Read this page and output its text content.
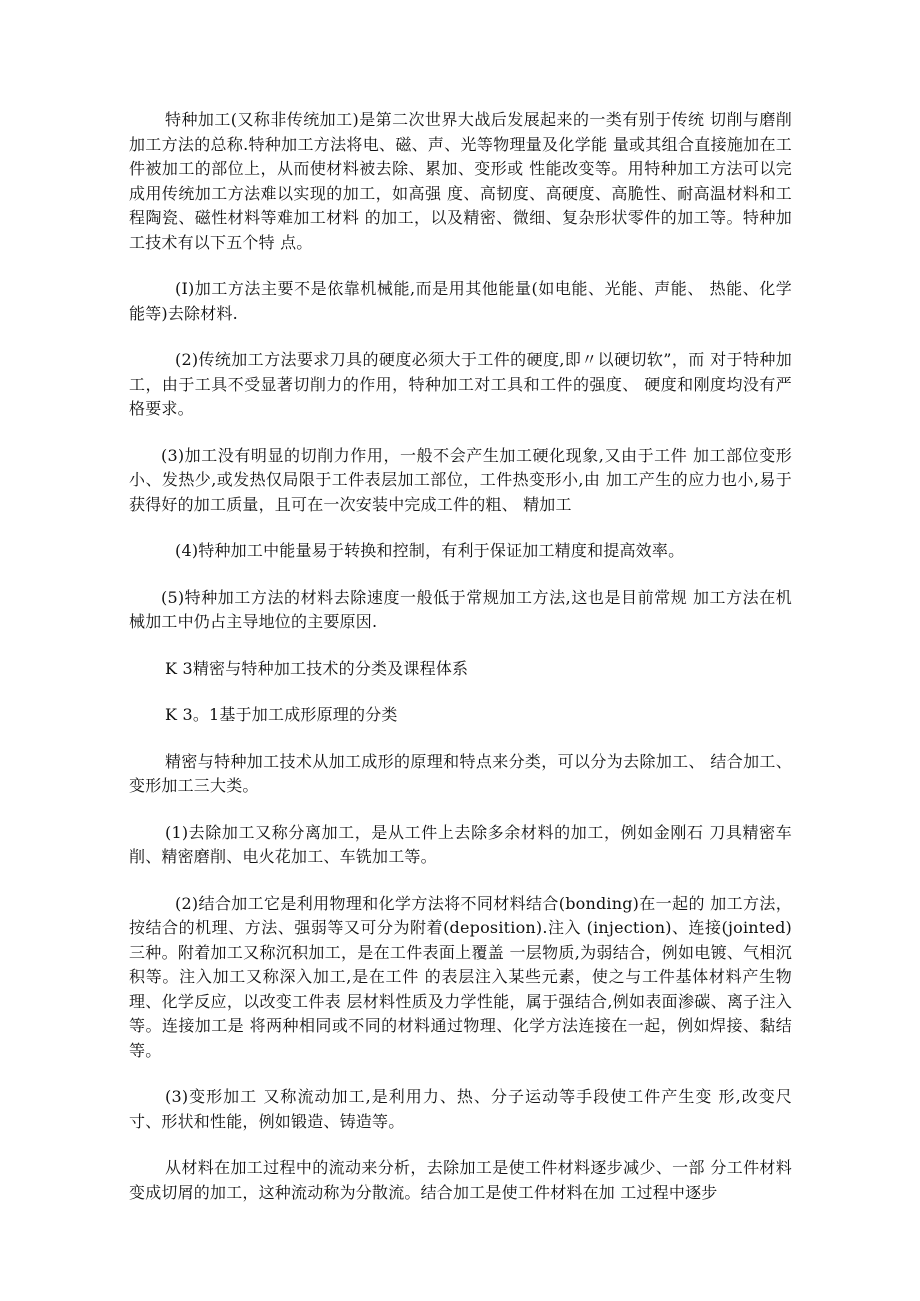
特种加工(又称非传统加工)是第二次世界大战后发展起来的一类有别于传统 切削与磨削加工方法的总称.特种加工方法将电、磁、声、光等物理量及化学能 量或其组合直接施加在工件被加工的部位上，从而使材料被去除、累加、变形或 性能改变等。用特种加工方法可以完成用传统加工方法难以实现的加工，如高强 度、高韧度、高硬度、高脆性、耐高温材料和工程陶瓷、磁性材料等难加工材料 的加工，以及精密、微细、复杂形状零件的加工等。特种加工技术有以下五个特 点。

(I)加工方法主要不是依靠机械能,而是用其他能量(如电能、光能、声能、 热能、化学能等)去除材料.

(2)传统加工方法要求刀具的硬度必须大于工件的硬度,即〃以硬切软”，而 对于特种加工，由于工具不受显著切削力的作用，特种加工对工具和工件的强度、 硬度和刚度均没有严格要求。

(3)加工没有明显的切削力作用，一般不会产生加工硬化现象,又由于工件 加工部位变形小、发热少,或发热仅局限于工件表层加工部位，工件热变形小,由 加工产生的应力也小,易于获得好的加工质量，且可在一次安装中完成工件的粗、 精加工

(4)特种加工中能量易于转换和控制，有利于保证加工精度和提高效率。

(5)特种加工方法的材料去除速度一般低于常规加工方法,这也是目前常规 加工方法在机械加工中仍占主导地位的主要原因.

K 3精密与特种加工技术的分类及课程体系

K 3。1基于加工成形原理的分类

精密与特种加工技术从加工成形的原理和特点来分类，可以分为去除加工、 结合加工、变形加工三大类。

(1)去除加工又称分离加工，是从工件上去除多余材料的加工，例如金刚石 刀具精密车削、精密磨削、电火花加工、车铣加工等。

(2)结合加工它是利用物理和化学方法将不同材料结合(bonding)在一起的 加工方法，按结合的机理、方法、强弱等又可分为附着(deposition).注入 (injection)、连接(jointed)三种。附着加工又称沉积加工，是在工件表面上覆盖 一层物质,为弱结合，例如电镀、气相沉积等。注入加工又称深入加工,是在工件 的表层注入某些元素，使之与工件基体材料产生物理、化学反应，以改变工件表 层材料性质及力学性能，属于强结合,例如表面渗碳、离子注入等。连接加工是 将两种相同或不同的材料通过物理、化学方法连接在一起，例如焊接、黏结等。

(3)变形加工 又称流动加工,是利用力、热、分子运动等手段使工件产生变 形,改变尺寸、形状和性能，例如锻造、铸造等。

从材料在加工过程中的流动来分析，去除加工是使工件材料逐步减少、一部 分工件材料变成切屑的加工，这种流动称为分散流。结合加工是使工件材料在加 工过程中逐步
